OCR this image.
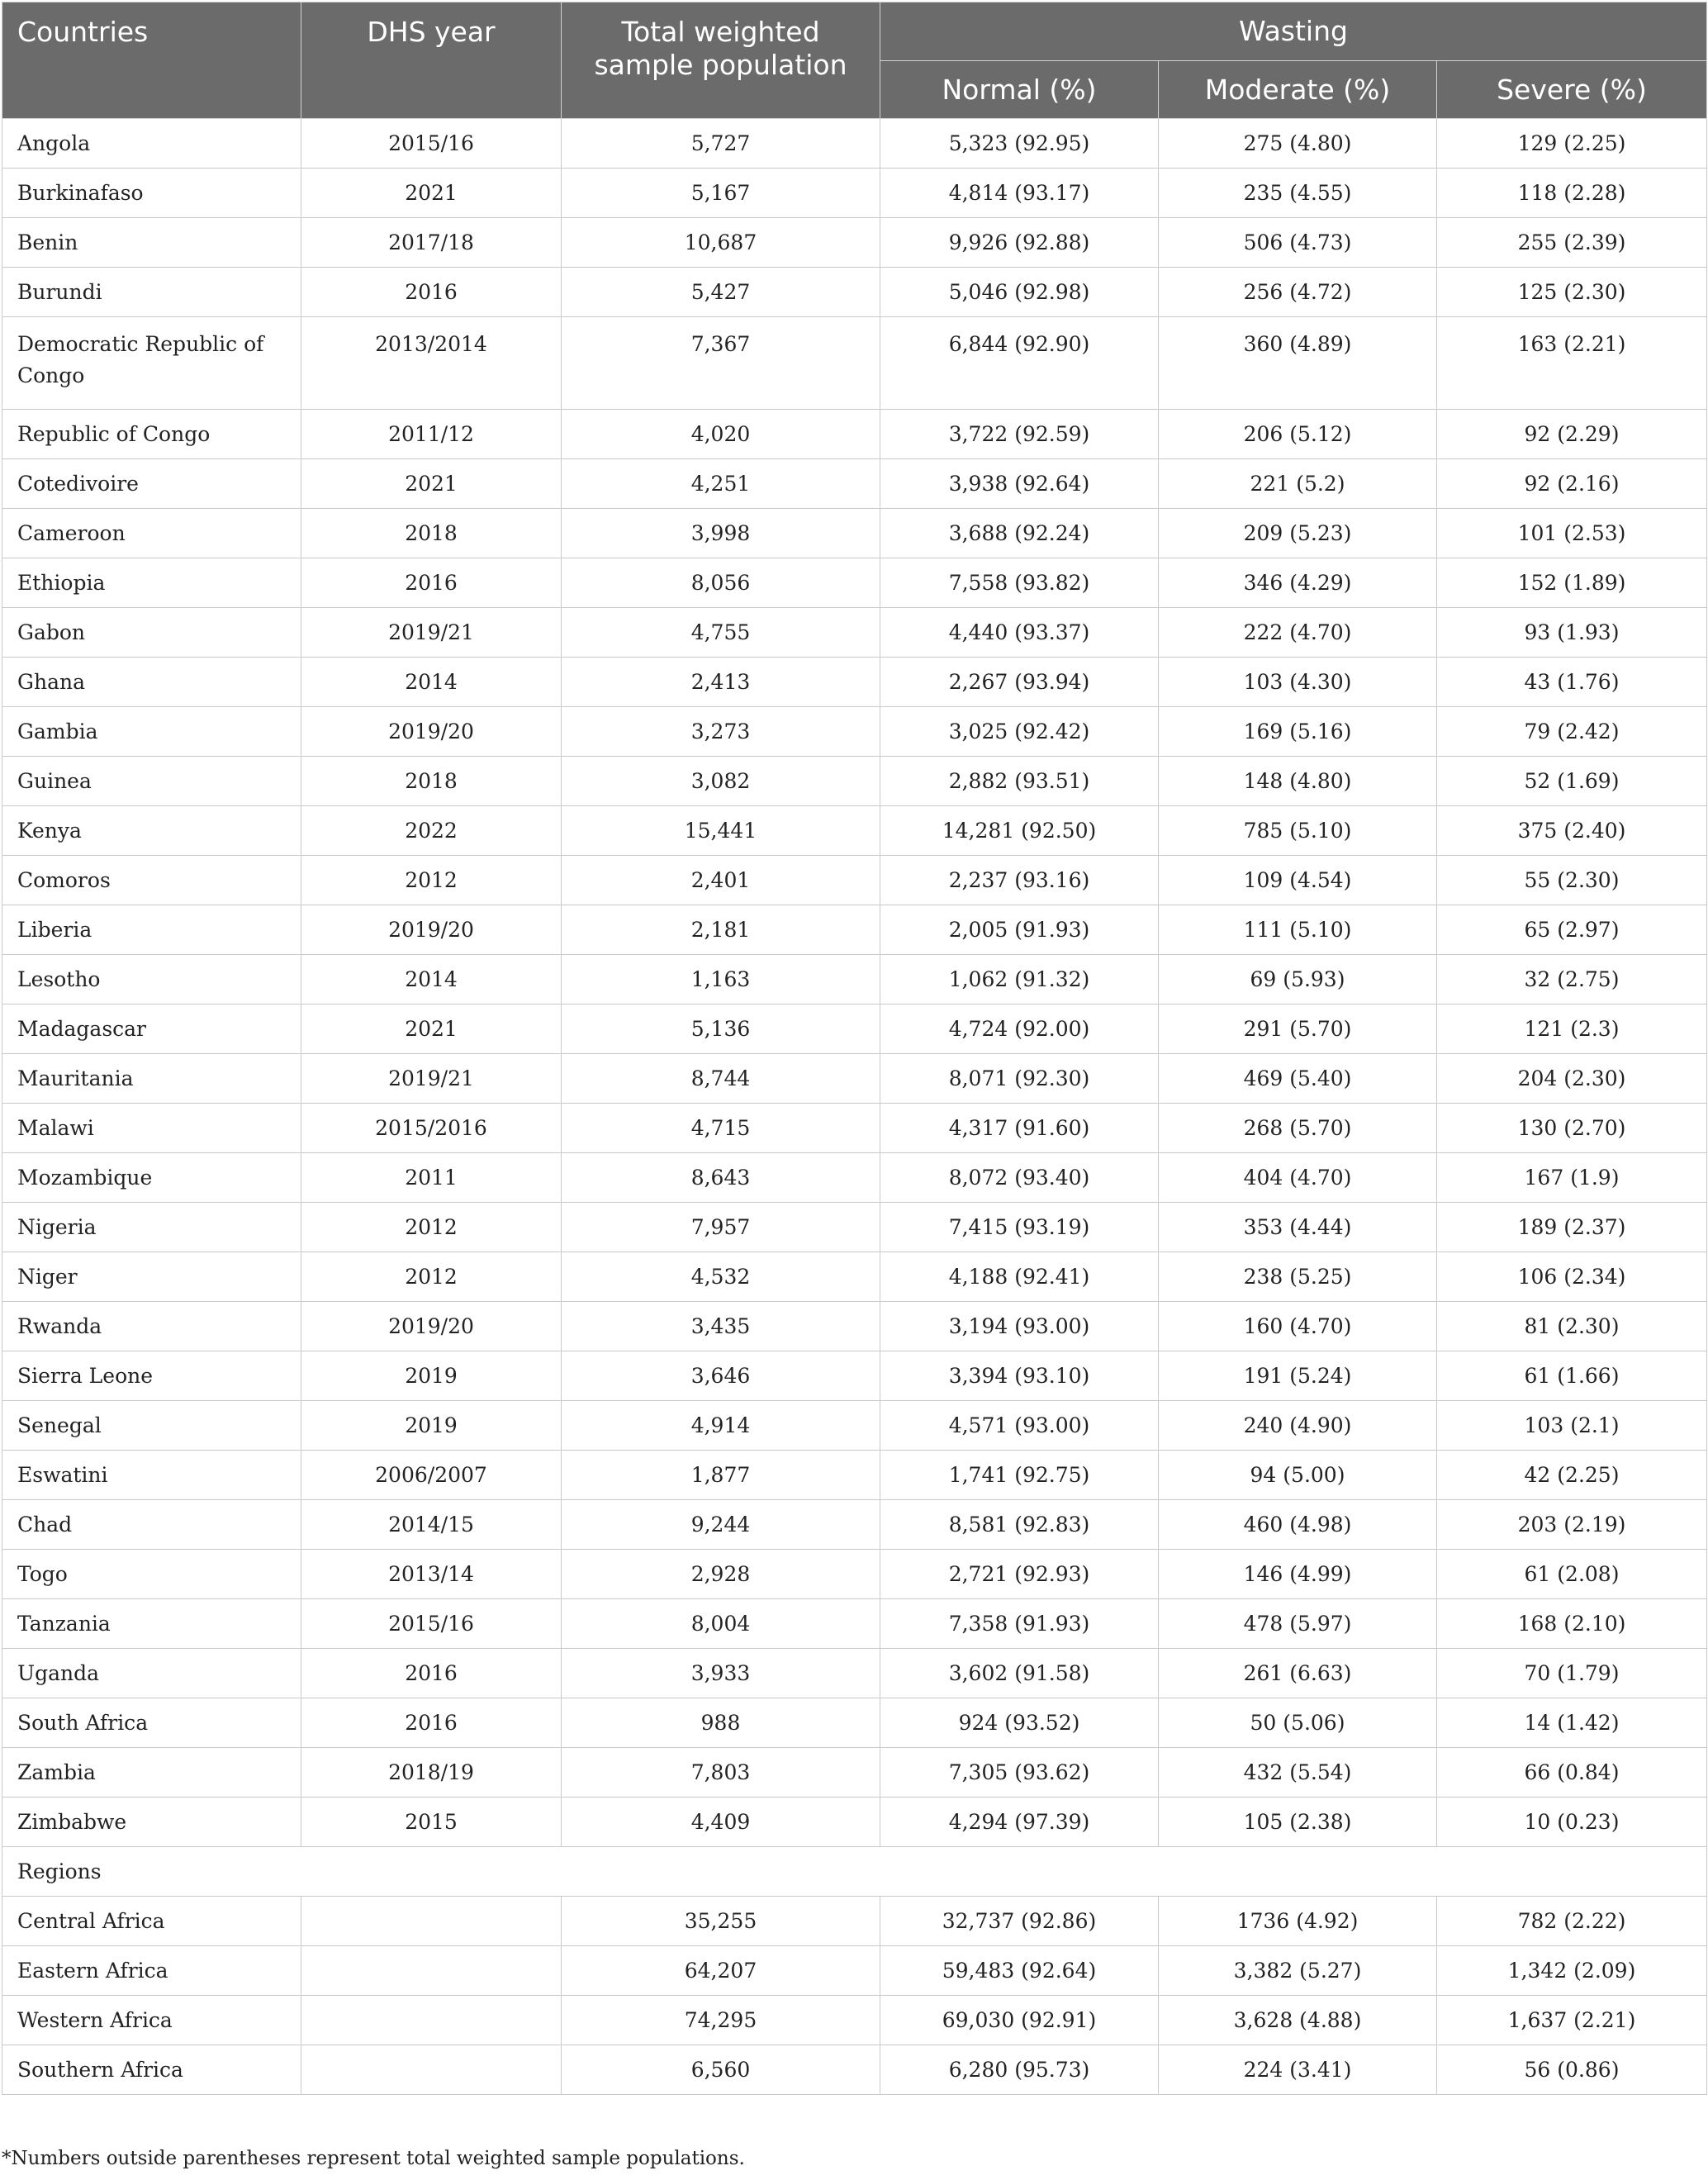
Countries	DHS year	Total weighted sample population	Wasting		
			Normal (%)	Moderate (%)	Severe (%)
Angola	2015/16	5,727	5,323 (92.95)	275 (4.80)	129 (2.25)
Burkinafaso	2021	5,167	4,814 (93.17)	235 (4.55)	118 (2.28)
Benin	2017/18	10,687	9,926 (92.88)	506 (4.73)	255 (2.39)
Burundi	2016	5,427	5,046 (92.98)	256 (4.72)	125 (2.30)
Democratic Republic of Congo	2013/2014	7,367	6,844 (92.90)	360 (4.89)	163 (2.21)
Republic of Congo	2011/12	4,020	3,722 (92.59)	206 (5.12)	92 (2.29)
Cotedivoire	2021	4,251	3,938 (92.64)	221 (5.2)	92 (2.16)
Cameroon	2018	3,998	3,688 (92.24)	209 (5.23)	101 (2.53)
Ethiopia	2016	8,056	7,558 (93.82)	346 (4.29)	152 (1.89)
Gabon	2019/21	4,755	4,440 (93.37)	222 (4.70)	93 (1.93)
Ghana	2014	2,413	2,267 (93.94)	103 (4.30)	43 (1.76)
Gambia	2019/20	3,273	3,025 (92.42)	169 (5.16)	79 (2.42)
Guinea	2018	3,082	2,882 (93.51)	148 (4.80)	52 (1.69)
Kenya	2022	15,441	14,281 (92.50)	785 (5.10)	375 (2.40)
Comoros	2012	2,401	2,237 (93.16)	109 (4.54)	55 (2.30)
Liberia	2019/20	2,181	2,005 (91.93)	111 (5.10)	65 (2.97)
Lesotho	2014	1,163	1,062 (91.32)	69 (5.93)	32 (2.75)
Madagascar	2021	5,136	4,724 (92.00)	291 (5.70)	121 (2.3)
Mauritania	2019/21	8,744	8,071 (92.30)	469 (5.40)	204 (2.30)
Malawi	2015/2016	4,715	4,317 (91.60)	268 (5.70)	130 (2.70)
Mozambique	2011	8,643	8,072 (93.40)	404 (4.70)	167 (1.9)
Nigeria	2012	7,957	7,415 (93.19)	353 (4.44)	189 (2.37)
Niger	2012	4,532	4,188 (92.41)	238 (5.25)	106 (2.34)
Rwanda	2019/20	3,435	3,194 (93.00)	160 (4.70)	81 (2.30)
Sierra Leone	2019	3,646	3,394 (93.10)	191 (5.24)	61 (1.66)
Senegal	2019	4,914	4,571 (93.00)	240 (4.90)	103 (2.1)
Eswatini	2006/2007	1,877	1,741 (92.75)	94 (5.00)	42 (2.25)
Chad	2014/15	9,244	8,581 (92.83)	460 (4.98)	203 (2.19)
Togo	2013/14	2,928	2,721 (92.93)	146 (4.99)	61 (2.08)
Tanzania	2015/16	8,004	7,358 (91.93)	478 (5.97)	168 (2.10)
Uganda	2016	3,933	3,602 (91.58)	261 (6.63)	70 (1.79)
South Africa	2016	988	924 (93.52)	50 (5.06)	14 (1.42)
Zambia	2018/19	7,803	7,305 (93.62)	432 (5.54)	66 (0.84)
Zimbabwe	2015	4,409	4,294 (97.39)	105 (2.38)	10 (0.23)
Regions					
Central Africa		35,255	32,737 (92.86)	1736 (4.92)	782 (2.22)
Eastern Africa		64,207	59,483 (92.64)	3,382 (5.27)	1,342 (2.09)
Western Africa		74,295	69,030 (92.91)	3,628 (4.88)	1,637 (2.21)
Southern Africa		6,560	6,280 (95.73)	224 (3.41)	56 (0.86)
*Numbers outside parentheses represent total weighted sample populations.
